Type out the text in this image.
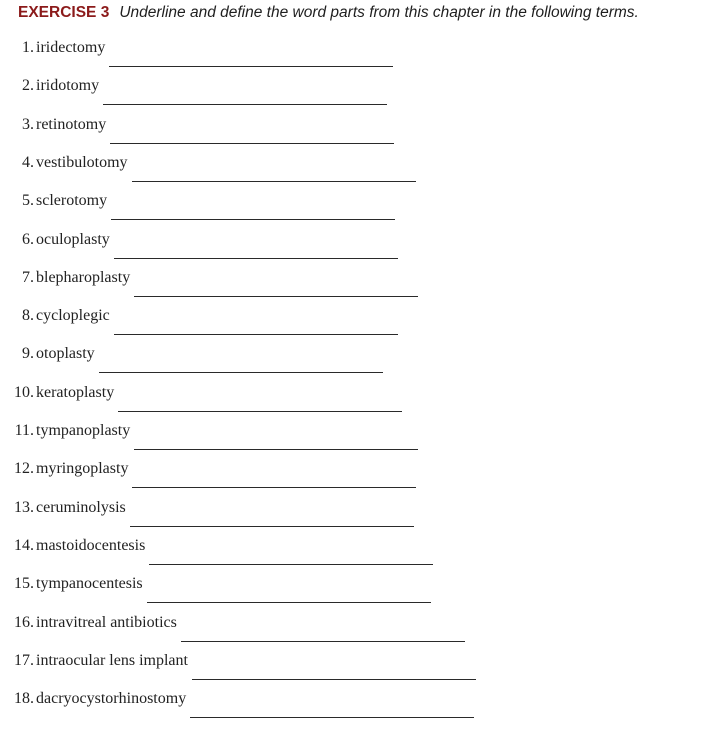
EXERCISE 3 Underline and define the word parts from this chapter in the following terms.
1. iridectomy
2. iridotomy
3. retinotomy
4. vestibulotomy
5. sclerotomy
6. oculoplasty
7. blepharoplasty
8. cycloplegic
9. otoplasty
10. keratoplasty
11. tympanoplasty
12. myringoplasty
13. ceruminolysis
14. mastoidocentesis
15. tympanocentesis
16. intravitreal antibiotics
17. intraocular lens implant
18. dacryocystorhinostomy
